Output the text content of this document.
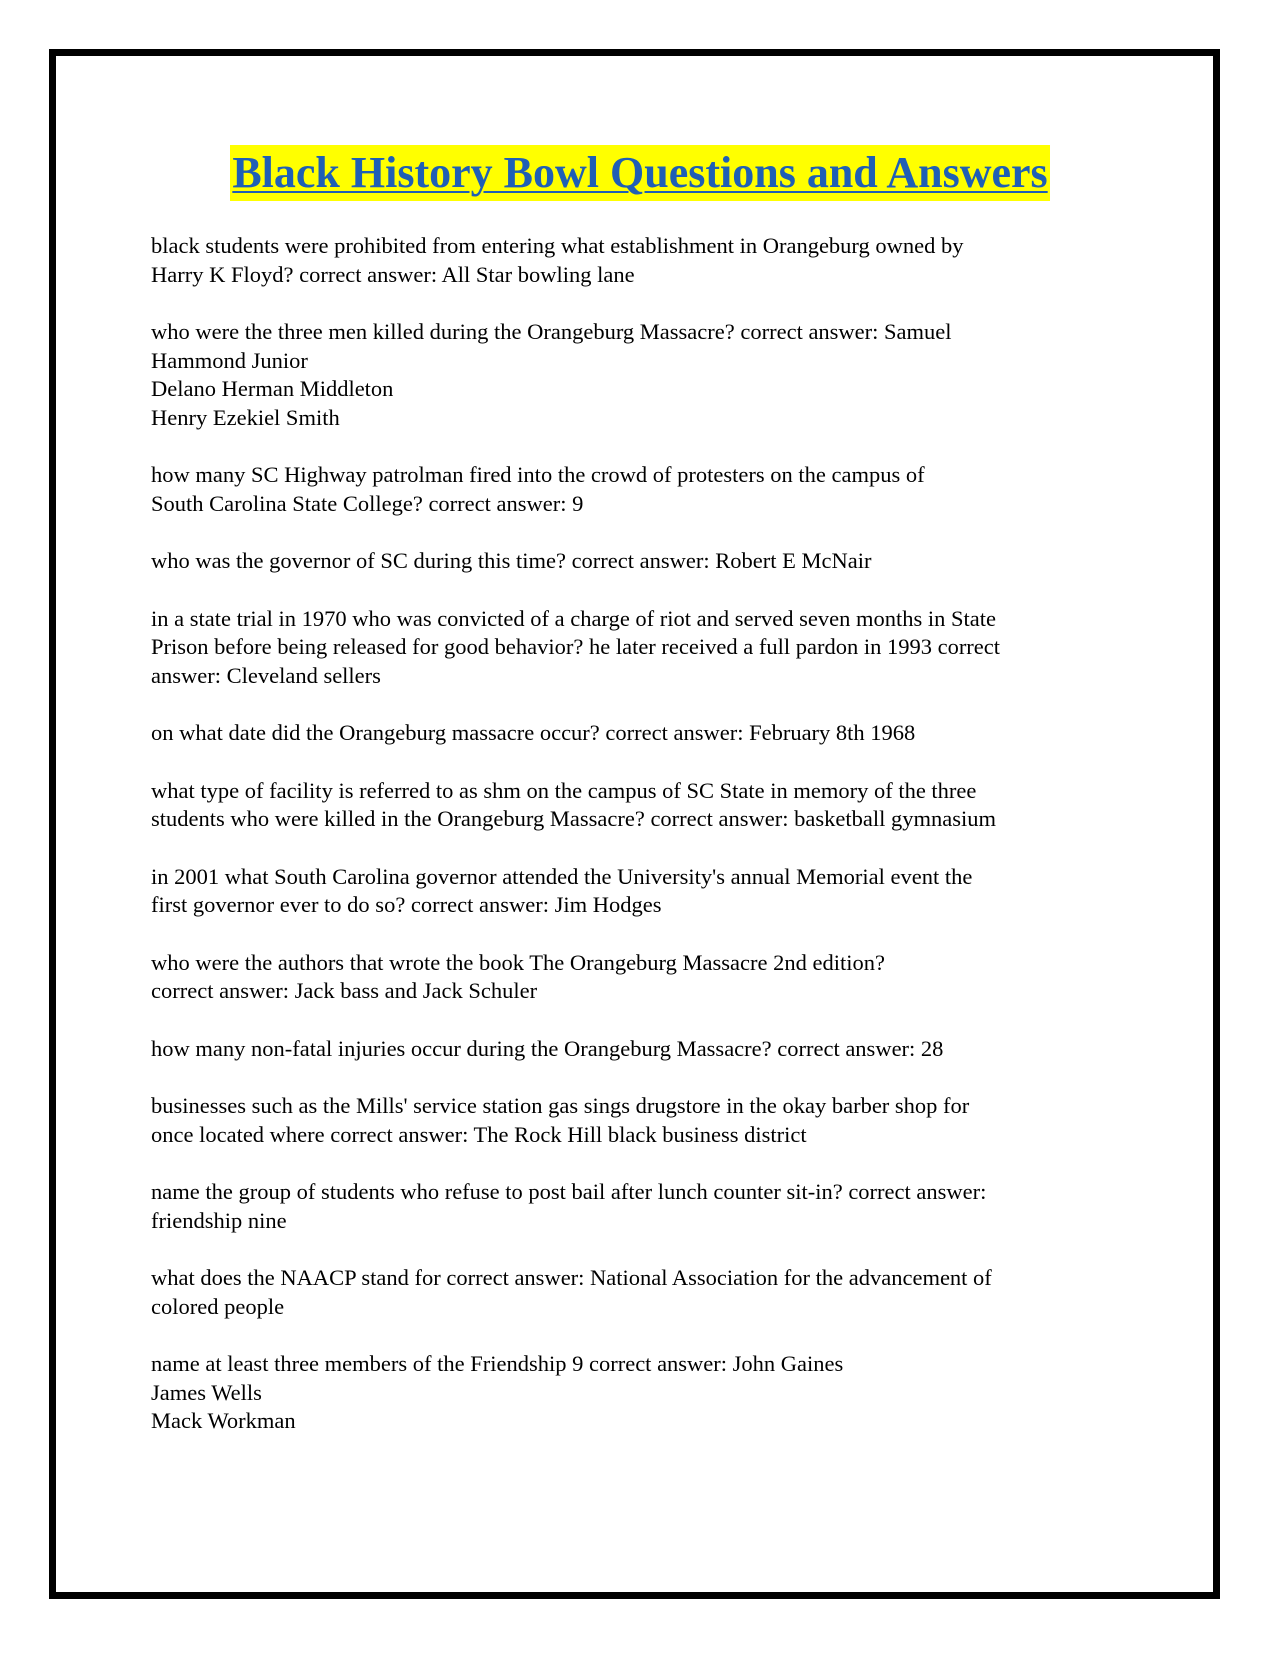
Black History Bowl Questions and Answers
black students were prohibited from entering what establishment in Orangeburg owned by
Harry K Floyd? correct answer: All Star bowling lane
who were the three men killed during the Orangeburg Massacre? correct answer: Samuel
Hammond Junior
Delano Herman Middleton
Henry Ezekiel Smith
how many SC Highway patrolman fired into the crowd of protesters on the campus of
South Carolina State College? correct answer: 9
who was the governor of SC during this time? correct answer: Robert E McNair
in a state trial in 1970 who was convicted of a charge of riot and served seven months in State
Prison before being released for good behavior? he later received a full pardon in 1993 correct
answer: Cleveland sellers
on what date did the Orangeburg massacre occur? correct answer: February 8th 1968
what type of facility is referred to as shm on the campus of SC State in memory of the three
students who were killed in the Orangeburg Massacre? correct answer: basketball gymnasium
in 2001 what South Carolina governor attended the University's annual Memorial event the
first governor ever to do so? correct answer: Jim Hodges
who were the authors that wrote the book The Orangeburg Massacre 2nd edition?
correct answer: Jack bass and Jack Schuler
how many non-fatal injuries occur during the Orangeburg Massacre? correct answer: 28
businesses such as the Mills' service station gas sings drugstore in the okay barber shop for
once located where correct answer: The Rock Hill black business district
name the group of students who refuse to post bail after lunch counter sit-in? correct answer:
friendship nine
what does the NAACP stand for correct answer: National Association for the advancement of
colored people
name at least three members of the Friendship 9 correct answer: John Gaines
James Wells
Mack Workman
